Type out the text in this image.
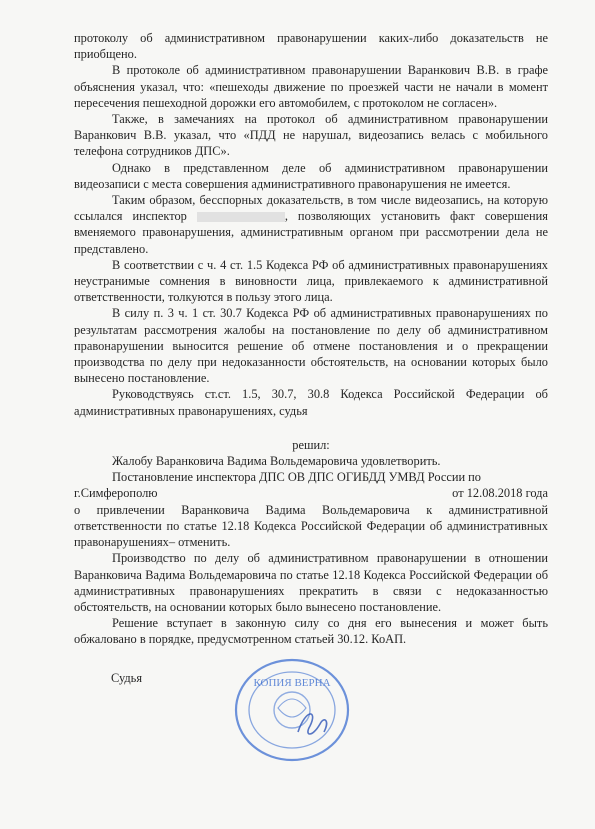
протоколу об административном правонарушении каких-либо доказательств не приобщено.

В протоколе об административном правонарушении Варанкович В.В. в графе объяснения указал, что: «пешеходы движение по проезжей части не начали в момент пересечения пешеходной дорожки его автомобилем, с протоколом не согласен».

Также, в замечаниях на протокол об административном правонарушении Варанкович В.В. указал, что «ПДД не нарушал, видеозапись велась с мобильного телефона сотрудников ДПС».

Однако в представленном деле об административном правонарушении видеозаписи с места совершения административного правонарушения не имеется.

Таким образом, бесспорных доказательств, в том числе видеозапись, на которую ссылался инспектор	, позволяющих установить факт совершения вменяемого правонарушения, административным органом при рассмотрении дела не представлено.

В соответствии с ч. 4 ст. 1.5 Кодекса РФ об административных правонарушениях неустранимые сомнения в виновности лица, привлекаемого к административной ответственности, толкуются в пользу этого лица.

В силу п. 3 ч. 1 ст. 30.7 Кодекса РФ об административных правонарушениях по результатам рассмотрения жалобы на постановление по делу об административном правонарушении выносится решение об отмене постановления и о прекращении производства по делу при недоказанности обстоятельств, на основании которых было вынесено постановление.

Руководствуясь ст.ст. 1.5, 30.7, 30.8 Кодекса Российской Федерации об административных правонарушениях, судья

решил:

Жалобу Варанковича Вадима Вольдемаровича удовлетворить.

Постановление инспектора ДПС ОВ ДПС ОГИБДД УМВД России по

г.Симферополю	от 12.08.2018 года

о привлечении Варанковича Вадима Вольдемаровича к административной ответственности по статье 12.18 Кодекса Российской Федерации об административных правонарушениях– отменить.

Производство по делу об административном правонарушении в отношении Варанковича Вадима Вольдемаровича по статье 12.18 Кодекса Российской Федерации об административных правонарушениях прекратить в связи с недоказанностью обстоятельств, на основании которых было вынесено постановление.

Решение вступает в законную силу со дня его вынесения и может быть обжаловано в порядке, предусмотренном статьей 30.12. КоАП.

Судья	КОПИЯ ВЕРНА
